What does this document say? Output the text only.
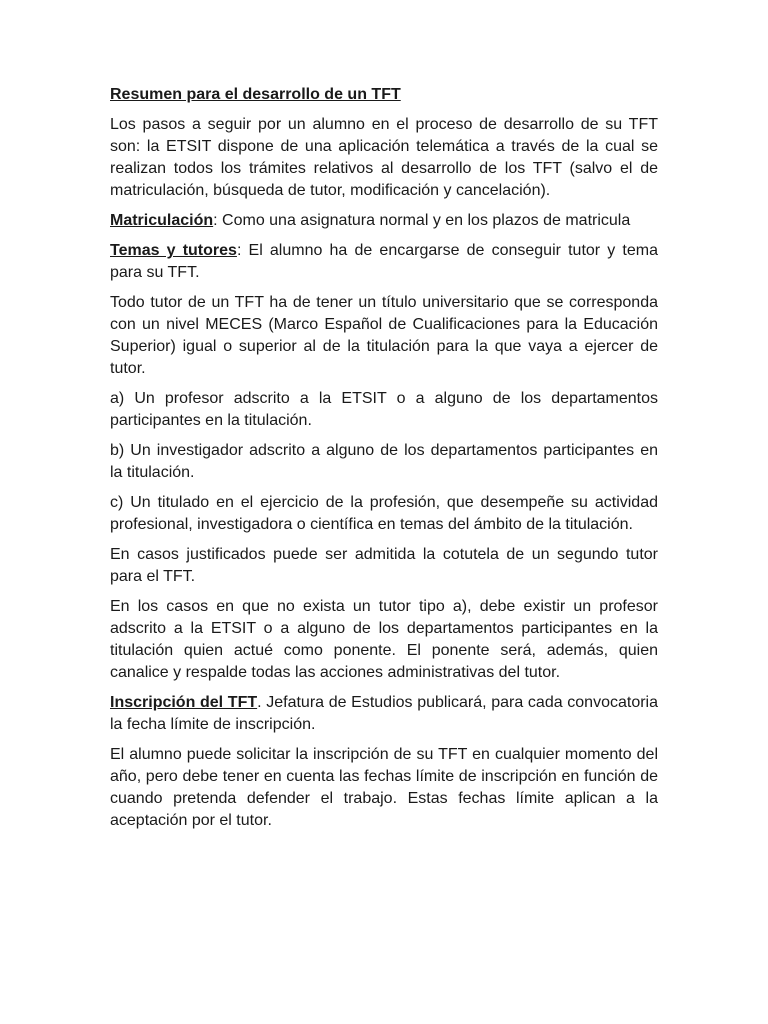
Resumen para el desarrollo de un TFT

Los pasos a seguir por un alumno en el proceso de desarrollo de su TFT son: la ETSIT dispone de una aplicación telemática a través de la cual se realizan todos los trámites relativos al desarrollo de los TFT (salvo el de matriculación, búsqueda de tutor, modificación y cancelación).

Matriculación: Como una asignatura normal y en los plazos de matricula

Temas y tutores: El alumno ha de encargarse de conseguir tutor y tema para su TFT.

Todo tutor de un TFT ha de tener un título universitario que se corresponda con un nivel MECES (Marco Español de Cualificaciones para la Educación Superior) igual o superior al de la titulación para la que vaya a ejercer de tutor.

a) Un profesor adscrito a la ETSIT o a alguno de los departamentos participantes en la titulación.

b) Un investigador adscrito a alguno de los departamentos participantes en la titulación.

c) Un titulado en el ejercicio de la profesión, que desempeñe su actividad profesional, investigadora o científica en temas del ámbito de la titulación.

En casos justificados puede ser admitida la cotutela de un segundo tutor para el TFT.

En los casos en que no exista un tutor tipo a), debe existir un profesor adscrito a la ETSIT o a alguno de los departamentos participantes en la titulación quien actué como ponente. El ponente será, además, quien canalice y respalde todas las acciones administrativas del tutor.

Inscripción del TFT. Jefatura de Estudios publicará, para cada convocatoria la fecha límite de inscripción.

El alumno puede solicitar la inscripción de su TFT en cualquier momento del año, pero debe tener en cuenta las fechas límite de inscripción en función de cuando pretenda defender el trabajo. Estas fechas límite aplican a la aceptación por el tutor.
